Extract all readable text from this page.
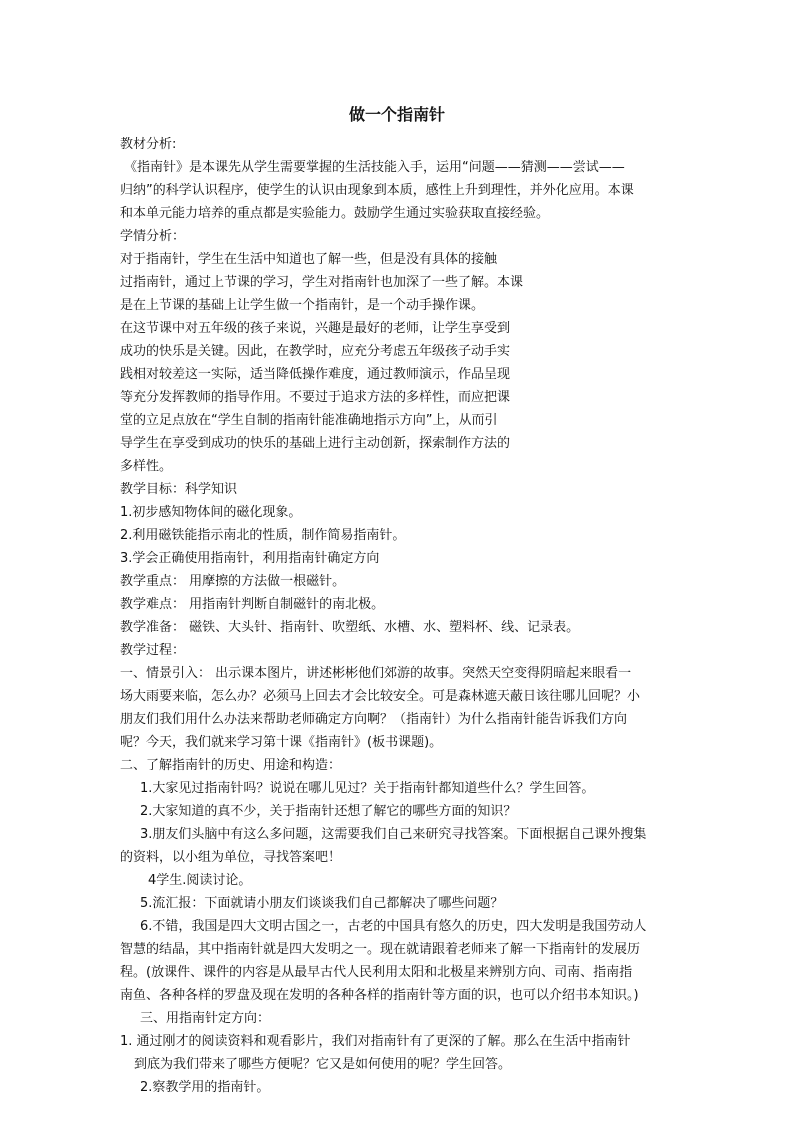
做一个指南针
教材分析:
《指南针》是本课先从学生需要掌握的生活技能入手，运用“问题——猜测——尝试——
归纳”的科学认识程序，使学生的认识由现象到本质，感性上升到理性，并外化应用。本课
和本单元能力培养的重点都是实验能力。鼓励学生通过实验获取直接经验。
学情分析：
对于指南针，学生在生活中知道也了解一些，但是没有具体的接触
过指南针，通过上节课的学习，学生对指南针也加深了一些了解。本课
是在上节课的基础上让学生做一个指南针，是一个动手操作课。
在这节课中对五年级的孩子来说，兴趣是最好的老师，让学生享受到
成功的快乐是关键。因此，在教学时，应充分考虑五年级孩子动手实
践相对较差这一实际，适当降低操作难度，通过教师演示，作品呈现
等充分发挥教师的指导作用。不要过于追求方法的多样性，而应把课
堂的立足点放在“学生自制的指南针能准确地指示方向”上，从而引
导学生在享受到成功的快乐的基础上进行主动创新，探索制作方法的
多样性。
教学目标：科学知识
1.初步感知物体间的磁化现象。
2.利用磁铁能指示南北的性质，制作简易指南针。
3.学会正确使用指南针，利用指南针确定方向
教学重点： 用摩擦的方法做一根磁针。
教学难点： 用指南针判断自制磁针的南北极。
教学准备： 磁铁、大头针、指南针、吹塑纸、水槽、水、塑料杯、线、记录表。
教学过程：
一、情景引入： 出示课本图片，讲述彬彬他们郊游的故事。突然天空变得阴暗起来眼看一
场大雨要来临，怎么办？必须马上回去才会比较安全。可是森林遮天蔽日该往哪儿回呢？小
朋友们我们用什么办法来帮助老师确定方向啊？（指南针）为什么指南针能告诉我们方向
呢？今天，我们就来学习第十课《指南针》(板书课题)。
二、了解指南针的历史、用途和构造：
1.大家见过指南针吗？说说在哪儿见过？关于指南针都知道些什么？学生回答。
2.大家知道的真不少，关于指南针还想了解它的哪些方面的知识？
3.朋友们头脑中有这么多问题，这需要我们自己来研究寻找答案。下面根据自己课外搜集
的资料，以小组为单位，寻找答案吧！
4学生.阅读讨论。
5.流汇报：下面就请小朋友们谈谈我们自己都解决了哪些问题？
6.不错，我国是四大文明古国之一，古老的中国具有悠久的历史，四大发明是我国劳动人
智慧的结晶，其中指南针就是四大发明之一。现在就请跟着老师来了解一下指南针的发展历
程。(放课件、课件的内容是从最早古代人民利用太阳和北极星来辨别方向、司南、指南指
南鱼、各种各样的罗盘及现在发明的各种各样的指南针等方面的识，也可以介绍书本知识。)
三、用指南针定方向：
1. 通过刚才的阅读资料和观看影片，我们对指南针有了更深的了解。那么在生活中指南针
到底为我们带来了哪些方便呢？它又是如何使用的呢？学生回答。
2.察教学用的指南针。
